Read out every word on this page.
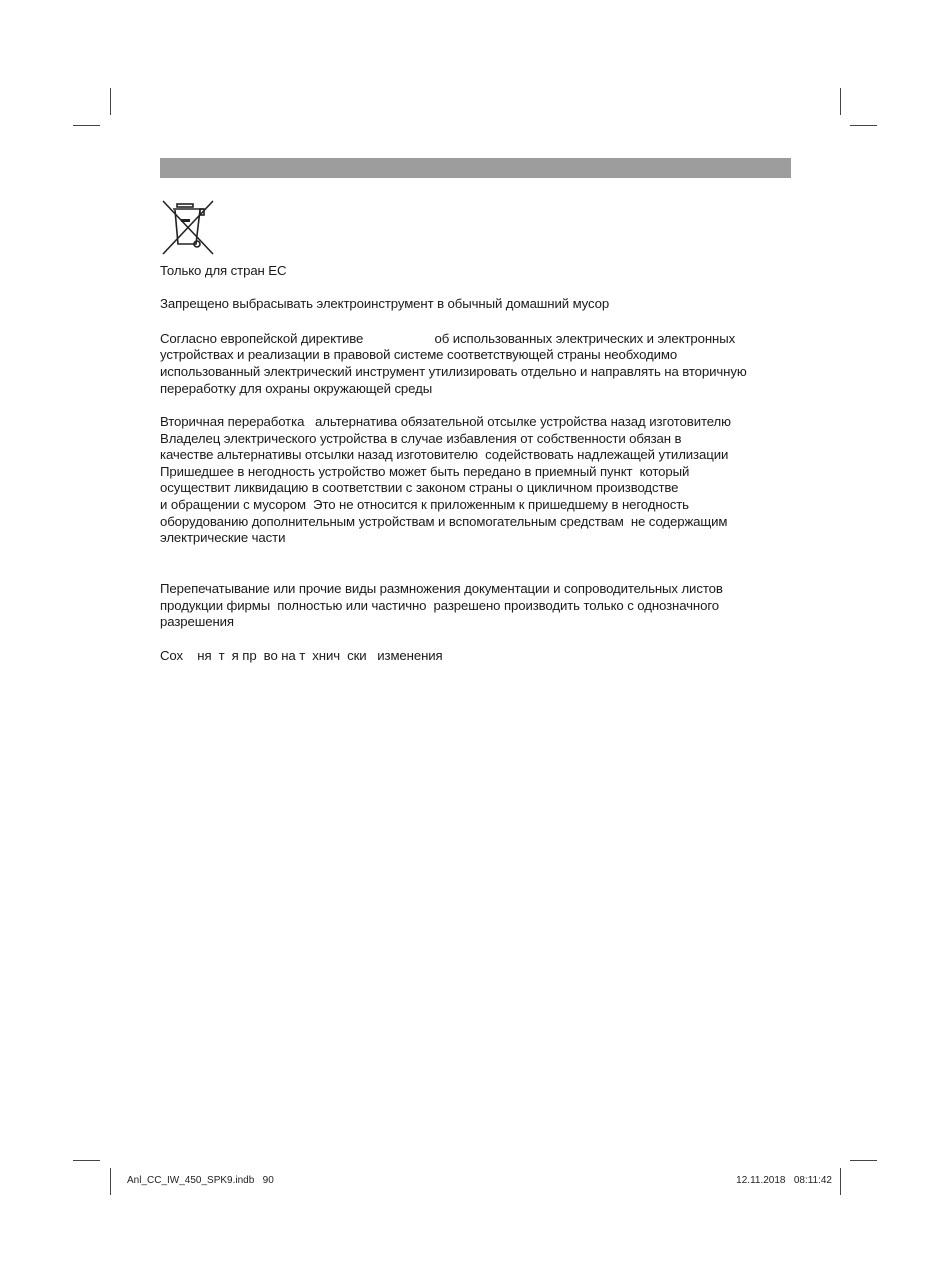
Только для стран ЕС
Запрещено выбрасывать электроинструмент в обычный домашний мусор
Согласно европейской директиве                    об использованных электрических и электронных
устройствах и реализации в правовой системе соответствующей страны необходимо
использованный электрический инструмент утилизировать отдельно и направлять на вторичную
переработку для охраны окружающей среды
Вторичная переработка   альтернатива обязательной отсылке устройства назад изготовителю
Владелец электрического устройства в случае избавления от собственности обязан в
качестве альтернативы отсылки назад изготовителю  содействовать надлежащей утилизации
Пришедшее в негодность устройство может быть передано в приемный пункт  который
осуществит ликвидацию в соответствии с законом страны о цикличном производстве
и обращении с мусором  Это не относится к приложенным к пришедшему в негодность
оборудованию дополнительным устройствам и вспомогательным средствам  не содержащим
электрические части
Перепечатывание или прочие виды размножения документации и сопроводительных листов
продукции фирмы  полностью или частично  разрешено производить только с однозначного
разрешения
Сох    ня  т  я пр  во на т  хнич  ски   изменения
Anl_CC_IW_450_SPK9.indb   90	12.11.2018   08:11:42
